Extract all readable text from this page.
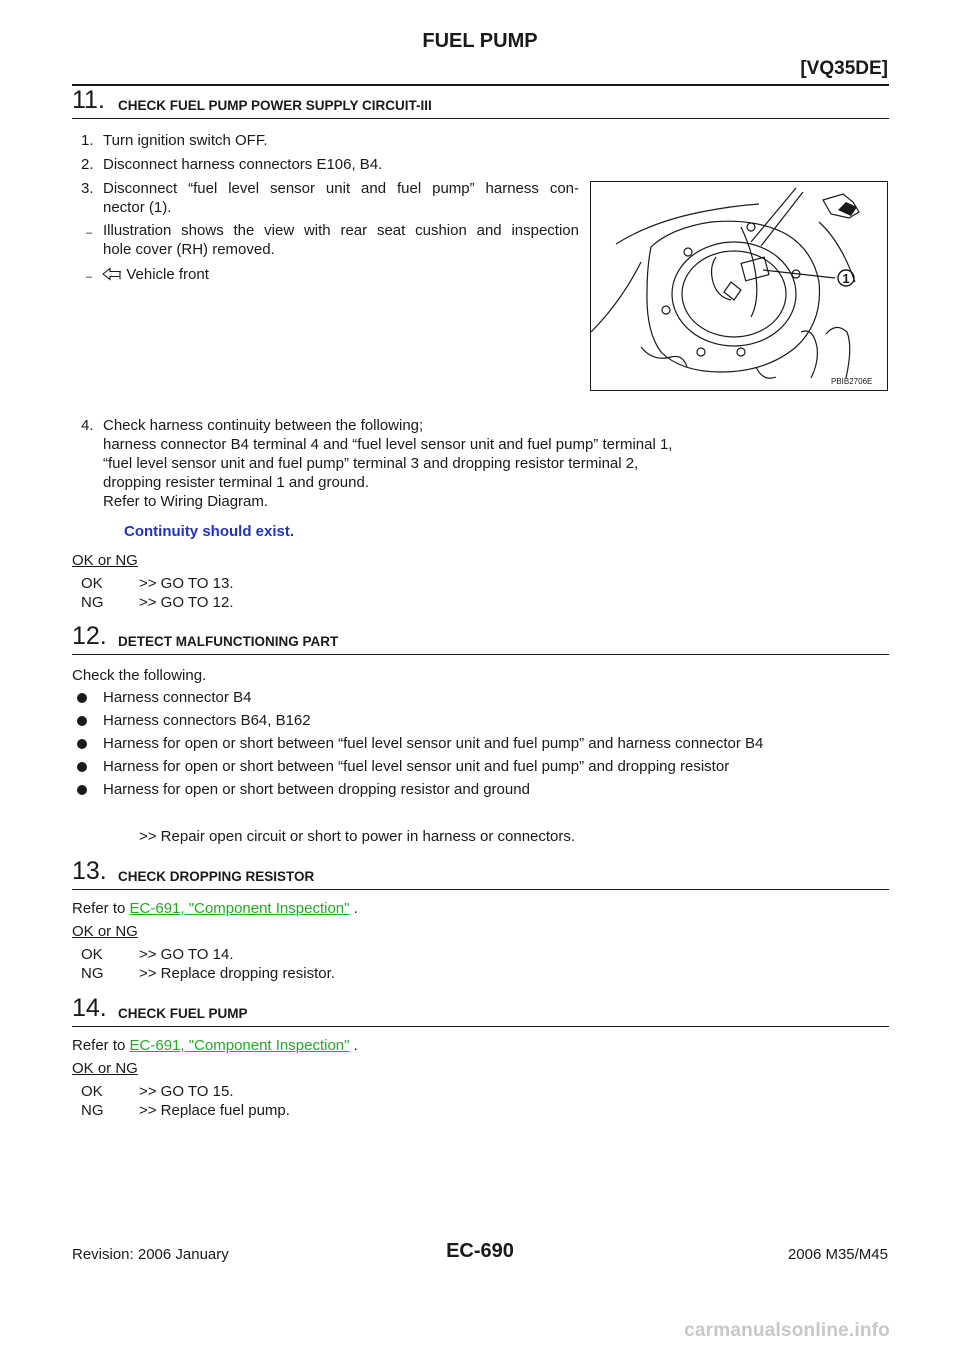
FUEL PUMP
[VQ35DE]
11. CHECK FUEL PUMP POWER SUPPLY CIRCUIT-III
1. Turn ignition switch OFF.
2. Disconnect harness connectors E106, B4.
3. Disconnect “fuel level sensor unit and fuel pump” harness con-
nector (1).
– Illustration shows the view with rear seat cushion and inspection
hole cover (RH) removed.
– : Vehicle front	1
PBIB2706E
4. Check harness continuity between the following;
harness connector B4 terminal 4 and “fuel level sensor unit and fuel pump” terminal 1,
“fuel level sensor unit and fuel pump” terminal 3 and dropping resistor terminal 2,
dropping resister terminal 1 and ground.
Refer to Wiring Diagram.
Continuity should exist.
OK or NG
OK >> GO TO 13.
NG >> GO TO 12.
12. DETECT MALFUNCTIONING PART
Check the following.
Harness connector B4
Harness connectors B64, B162
Harness for open or short between “fuel level sensor unit and fuel pump” and harness connector B4
Harness for open or short between “fuel level sensor unit and fuel pump” and dropping resistor
Harness for open or short between dropping resistor and ground
>> Repair open circuit or short to power in harness or connectors.
13. CHECK DROPPING RESISTOR
Refer to EC-691, "Component Inspection" .
OK or NG
OK >> GO TO 14.
NG >> Replace dropping resistor.
14. CHECK FUEL PUMP
Refer to EC-691, "Component Inspection" .
OK or NG
OK >> GO TO 15.
NG >> Replace fuel pump.
EC-690
Revision: 2006 January	2006 M35/M45
carmanualsonline.info
